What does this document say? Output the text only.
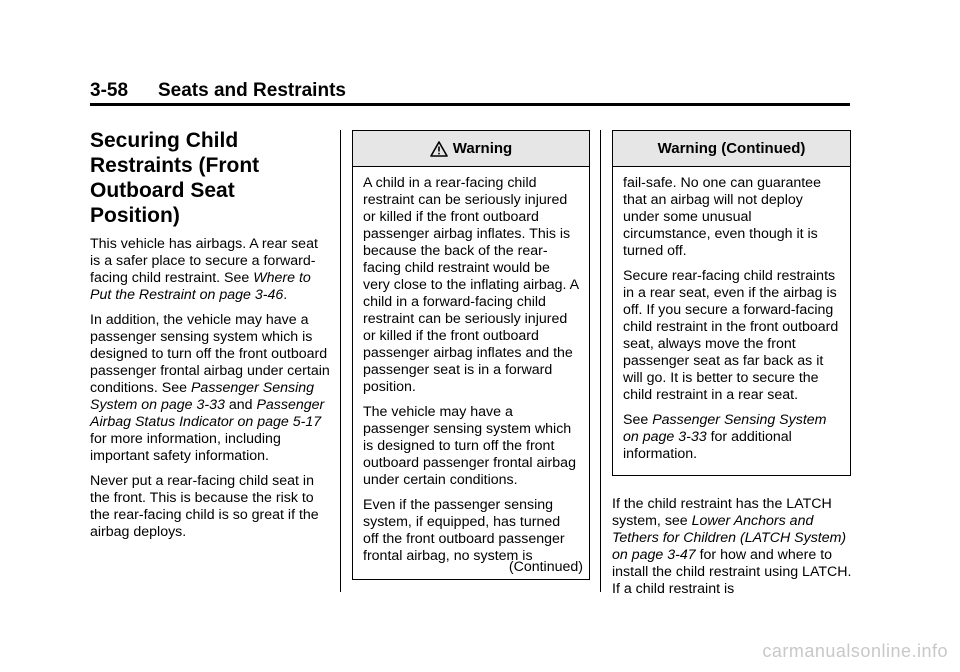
3-58 Seats and Restraints
Securing Child Restraints (Front Outboard Seat Position)

This vehicle has airbags. A rear seat is a safer place to secure a forward-facing child restraint. See Where to Put the Restraint on page 3-46.

In addition, the vehicle may have a passenger sensing system which is designed to turn off the front outboard passenger frontal airbag under certain conditions. See Passenger Sensing System on page 3-33 and Passenger Airbag Status Indicator on page 5-17 for more information, including important safety information.

Never put a rear-facing child seat in the front. This is because the risk to the rear-facing child is so great if the airbag deploys.

Warning

A child in a rear-facing child restraint can be seriously injured or killed if the front outboard passenger airbag inflates. This is because the back of the rear-facing child restraint would be very close to the inflating airbag. A child in a forward-facing child restraint can be seriously injured or killed if the front outboard passenger airbag inflates and the passenger seat is in a forward position.

The vehicle may have a passenger sensing system which is designed to turn off the front outboard passenger frontal airbag under certain conditions.

Even if the passenger sensing system, if equipped, has turned off the front outboard passenger frontal airbag, no system is

(Continued)
Warning (Continued)

fail-safe. No one can guarantee that an airbag will not deploy under some unusual circumstance, even though it is turned off.

Secure rear-facing child restraints in a rear seat, even if the airbag is off. If you secure a forward-facing child restraint in the front outboard seat, always move the front passenger seat as far back as it will go. It is better to secure the child restraint in a rear seat.

See Passenger Sensing System on page 3-33 for additional information.

If the child restraint has the LATCH system, see Lower Anchors and Tethers for Children (LATCH System) on page 3-47 for how and where to install the child restraint using LATCH. If a child restraint is

carmanualsonline.info
